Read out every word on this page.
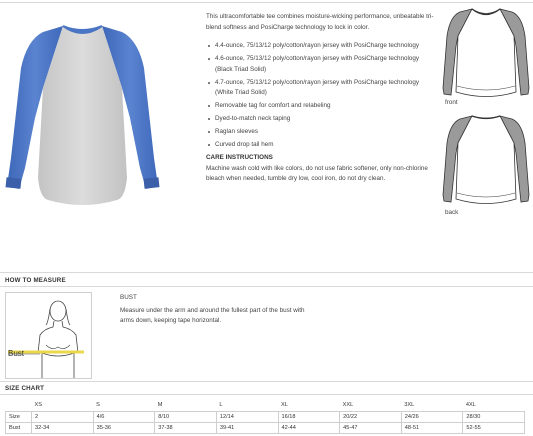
This ultracomfortable tee combines moisture-wicking performance, unbeatable tri-blend softness and PosiCharge technology to lock in color.

4.4-ounce, 75/13/12 poly/cotton/rayon jersey with PosiCharge technology
4.6-ounce, 75/13/12 poly/cotton/rayon jersey with PosiCharge technology (Black Triad Solid)
4.7-ounce, 75/13/12 poly/cotton/rayon jersey with PosiCharge technology (White Triad Solid)
Removable tag for comfort and relabeling
Dyed-to-match neck taping
Raglan sleeves
Curved drop tail hem

CARE INSTRUCTIONS

Machine wash cold with like colors, do not use fabric softener, only non-chlorine bleach when needed, tumble dry low, cool iron, do not dry clean.

front
back
HOW TO MEASURE
Bust

BUST

Measure under the arm and around the fullest part of the bust with arms down, keeping tape horizontal.

SIZE CHART
	XS	S	M	L	XL	XXL	3XL	4XL
Size	2	4/6	8/10	12/14	16/18	20/22	24/26	28/30
Bust	32-34	35-36	37-38	39-41	42-44	45-47	48-51	52-55
